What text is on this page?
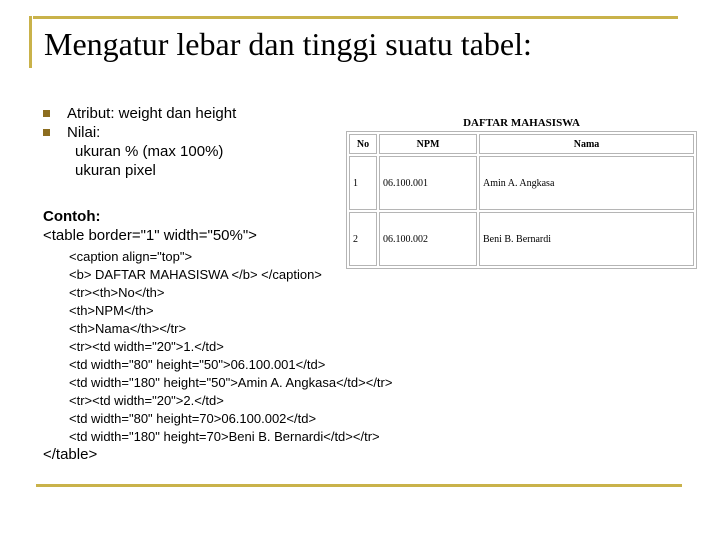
Mengatur lebar dan tinggi suatu tabel:
Atribut: weight dan height
Nilai:
ukuran % (max 100%)
ukuran pixel
Contoh:
<table border="1" width="50%">
<caption align="top">
<b> DAFTAR MAHASISWA </b> </caption>
<tr><th>No</th>
<th>NPM</th>
<th>Nama</th></tr>
<tr><td width="20">1.</td>
<td width="80" height="50">06.100.001</td>
<td width="180" height="50">Amin A. Angkasa</td></tr>
<tr><td width="20">2.</td>
<td width="80" height=70>06.100.002</td>
<td width="180" height=70>Beni B. Bernardi</td></tr>
</table>
DAFTAR MAHASISWA
No	NPM	Nama
1	06.100.001	Amin A. Angkasa
2	06.100.002	Beni B. Bernardi
